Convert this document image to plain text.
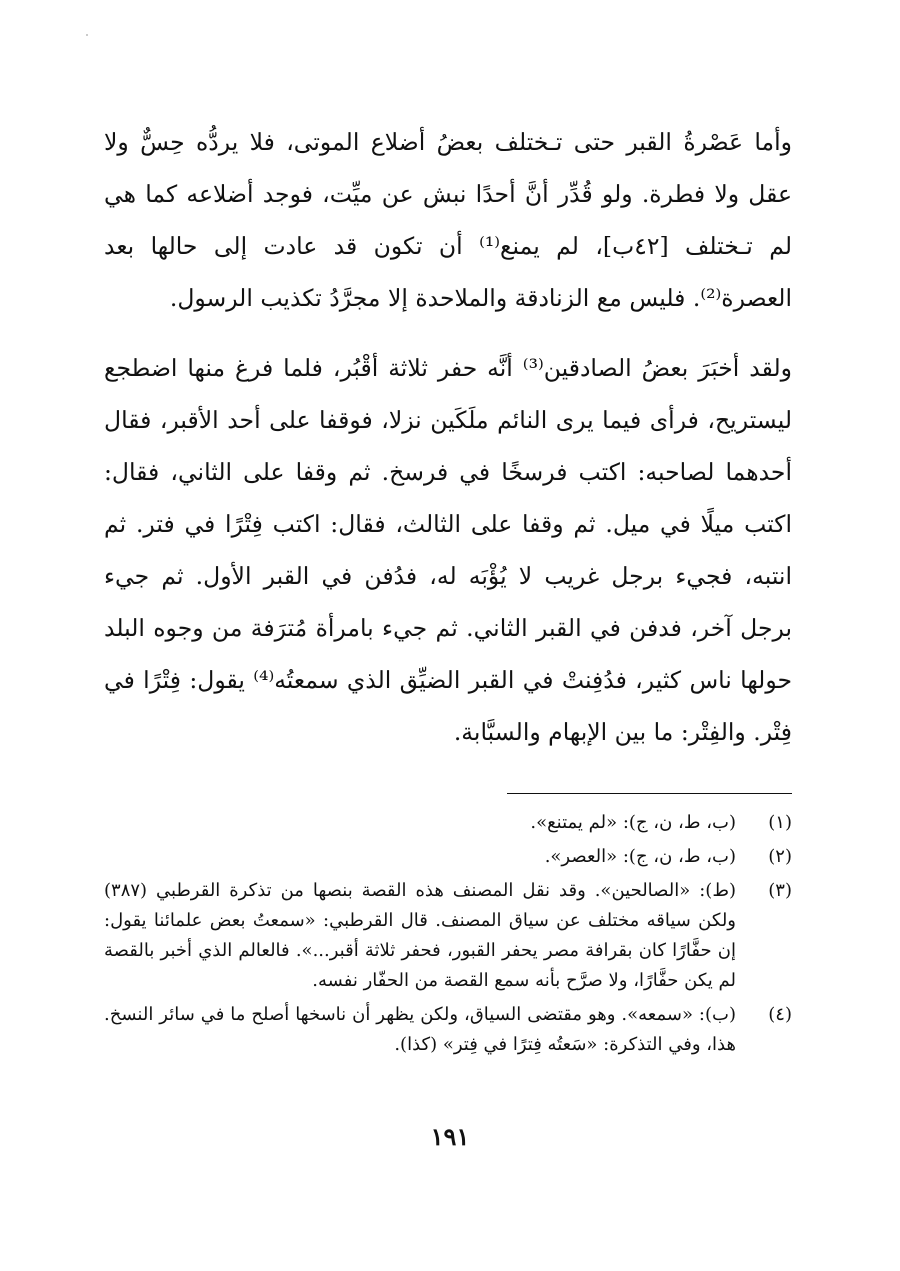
وأما عَصْرةُ القبر حتى تـختلف بعضُ أضلاع الموتى، فلا يردُّه حِسٌّ ولا عقل ولا فطرة. ولو قُدِّر أنَّ أحدًا نبش عن ميِّت، فوجد أضلاعه كما هي لم تـختلف [٤٢ب]، لم يمنع⁽¹⁾ أن تكون قد عادت إلى حالها بعد العصرة⁽²⁾. فليس مع الزنادقة والملاحدة إلا مجرَّدُ تكذيب الرسول.

ولقد أخبَرَ بعضُ الصادقين⁽³⁾ أنَّه حفر ثلاثة أقْبُر، فلما فرغ منها اضطجع ليستريح، فرأى فيما يرى النائم ملَكَين نزلا، فوقفا على أحد الأقبر، فقال أحدهما لصاحبه: اكتب فرسخًا في فرسخ. ثم وقفا على الثاني، فقال: اكتب ميلًا في ميل. ثم وقفا على الثالث، فقال: اكتب فِتْرًا في فتر. ثم انتبه، فجيء برجل غريب لا يُؤْبَه له، فدُفن في القبر الأول. ثم جيء برجل آخر، فدفن في القبر الثاني. ثم جيء بامرأة مُترَفة من وجوه البلد حولها ناس كثير، فدُفِنتْ في القبر الضيِّق الذي سمعتُه⁽⁴⁾ يقول: فِتْرًا في فِتْر. والفِتْر: ما بين الإبهام والسبَّابة.

(١)
(ب، ط، ن، ج): «لم يمتنع».
(٢)
(ب، ط، ن، ج): «العصر».
(٣)
(ط): «الصالحين». وقد نقل المصنف هذه القصة بنصها من تذكرة القرطبي (٣٨٧) ولكن سياقه مختلف عن سياق المصنف. قال القرطبي: «سمعتُ بعض علمائنا يقول: إن حفَّارًا كان بقرافة مصر يحفر القبور، فحفر ثلاثة أقبر...». فالعالم الذي أخبر بالقصة لم يكن حفَّارًا، ولا صرَّح بأنه سمع القصة من الحفّار نفسه.
(٤)
(ب): «سمعه». وهو مقتضى السياق، ولكن يظهر أن ناسخها أصلح ما في سائر النسخ. هذا، وفي التذكرة: «سَعتُه فِترًا في فِتر» (كذا).
١٩١
